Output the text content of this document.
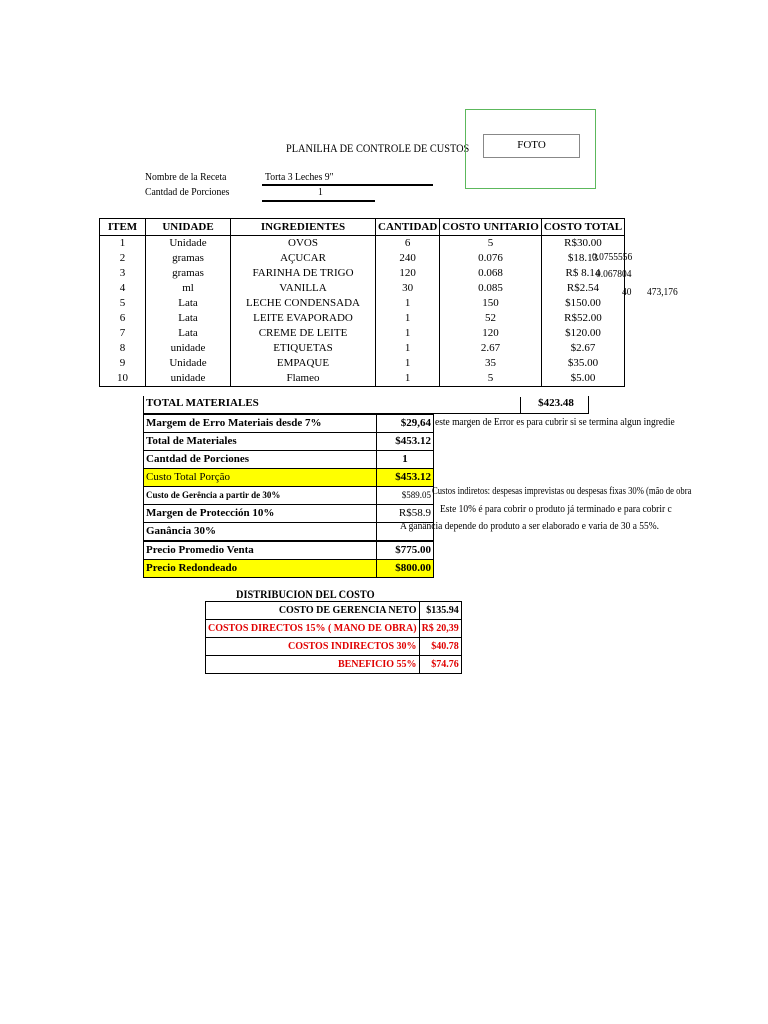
PLANILHA DE CONTROLE DE CUSTOS	FOTO
Nombre de la Receta	Torta 3 Leches 9"
Cantdad de Porciones	1
ITEM	UNIDADE	INGREDIENTES	CANTIDAD	COSTO UNITARIO	COSTO TOTAL
1	Unidade	OVOS	6	5	R$30.00
2	gramas	AÇUCAR	240	0.076	$18.13
3	gramas	FARINHA DE TRIGO	120	0.068	R$ 8.14
4	ml	VANILLA	30	0.085	R$2.54
5	Lata	LECHE CONDENSADA	1	150	$150.00
6	Lata	LEITE EVAPORADO	1	52	R$52.00
7	Lata	CREME DE LEITE	1	120	$120.00
8	unidade	ETIQUETAS	1	2.67	$2.67
9	Unidade	EMPAQUE	1	35	$35.00
10	unidade	Flameo	1	5	$5.00
0.0755556
0.067804
40 473,176
TOTAL MATERIALES	$423.48
Margem de Erro Materiais desde 7%	$29,64
Total de Materiales	$453.12
Cantdad de Porciones	1
Custo Total Porção	$453.12
Custo de Gerência a partir de 30%	$589.05
Margen de Protección 10%	R$58.9
Ganância 30%	
Precio Promedio Venta	$775.00
Precio Redondeado	$800.00
este margen de Error es para cubrir si se termina algun ingredie
Custos indiretos: despesas imprevistas ou despesas fixas 30% (mão de obra
Este 10% é para cobrir o produto já terminado e para cobrir c
A ganância depende do produto a ser elaborado e varia de 30 a 55%.
DISTRIBUCION DEL COSTO
COSTO DE GERENCIA NETO	$135.94
COSTOS DIRECTOS 15% ( MANO DE OBRA)	R$ 20,39
COSTOS INDIRECTOS 30%	$40.78
BENEFICIO 55%	$74.76
